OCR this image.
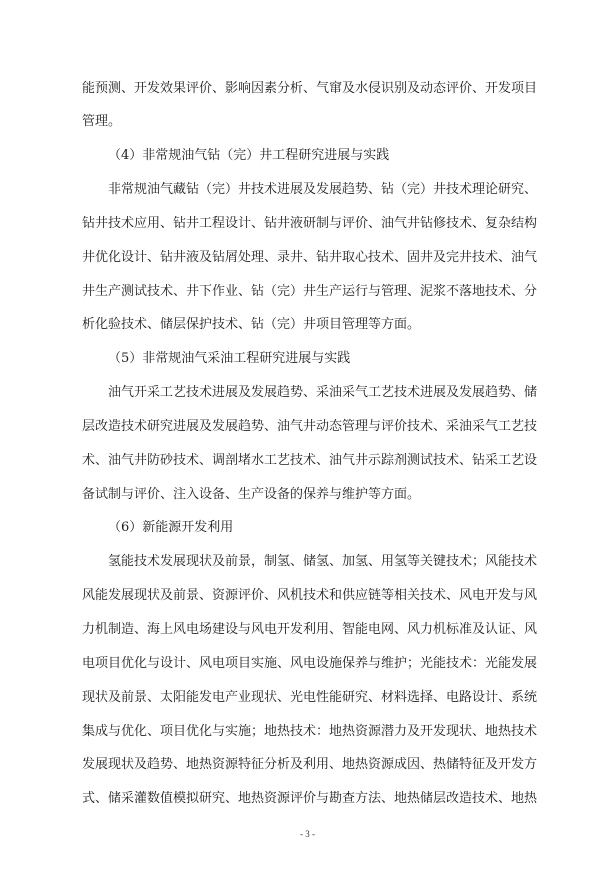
能预测、开发效果评价、影响因素分析、气窜及水侵识别及动态评价、开发项目
管理。
（4）非常规油气钻（完）井工程研究进展与实践
非常规油气藏钻（完）井技术进展及发展趋势、钻（完）井技术理论研究、
钻井技术应用、钻井工程设计、钻井液研制与评价、油气井钻修技术、复杂结构
井优化设计、钻井液及钻屑处理、录井、钻井取心技术、固井及完井技术、油气
井生产测试技术、井下作业、钻（完）井生产运行与管理、泥浆不落地技术、分
析化验技术、储层保护技术、钻（完）井项目管理等方面。
（5）非常规油气采油工程研究进展与实践
油气开采工艺技术进展及发展趋势、采油采气工艺技术进展及发展趋势、储
层改造技术研究进展及发展趋势、油气井动态管理与评价技术、采油采气工艺技
术、油气井防砂技术、调剖堵水工艺技术、油气井示踪剂测试技术、钻采工艺设
备试制与评价、注入设备、生产设备的保养与维护等方面。
（6）新能源开发利用
氢能技术发展现状及前景，制氢、储氢、加氢、用氢等关键技术；风能技术
风能发展现状及前景、资源评价、风机技术和供应链等相关技术、风电开发与风
力机制造、海上风电场建设与风电开发利用、智能电网、风力机标准及认证、风
电项目优化与设计、风电项目实施、风电设施保养与维护；光能技术：光能发展
现状及前景、太阳能发电产业现状、光电性能研究、材料选择、电路设计、系统
集成与优化、项目优化与实施；地热技术：地热资源潜力及开发现状、地热技术
发展现状及趋势、地热资源特征分析及利用、地热资源成因、热储特征及开发方
式、储采灌数值模拟研究、地热资源评价与勘查方法、地热储层改造技术、地热
- 3 -
